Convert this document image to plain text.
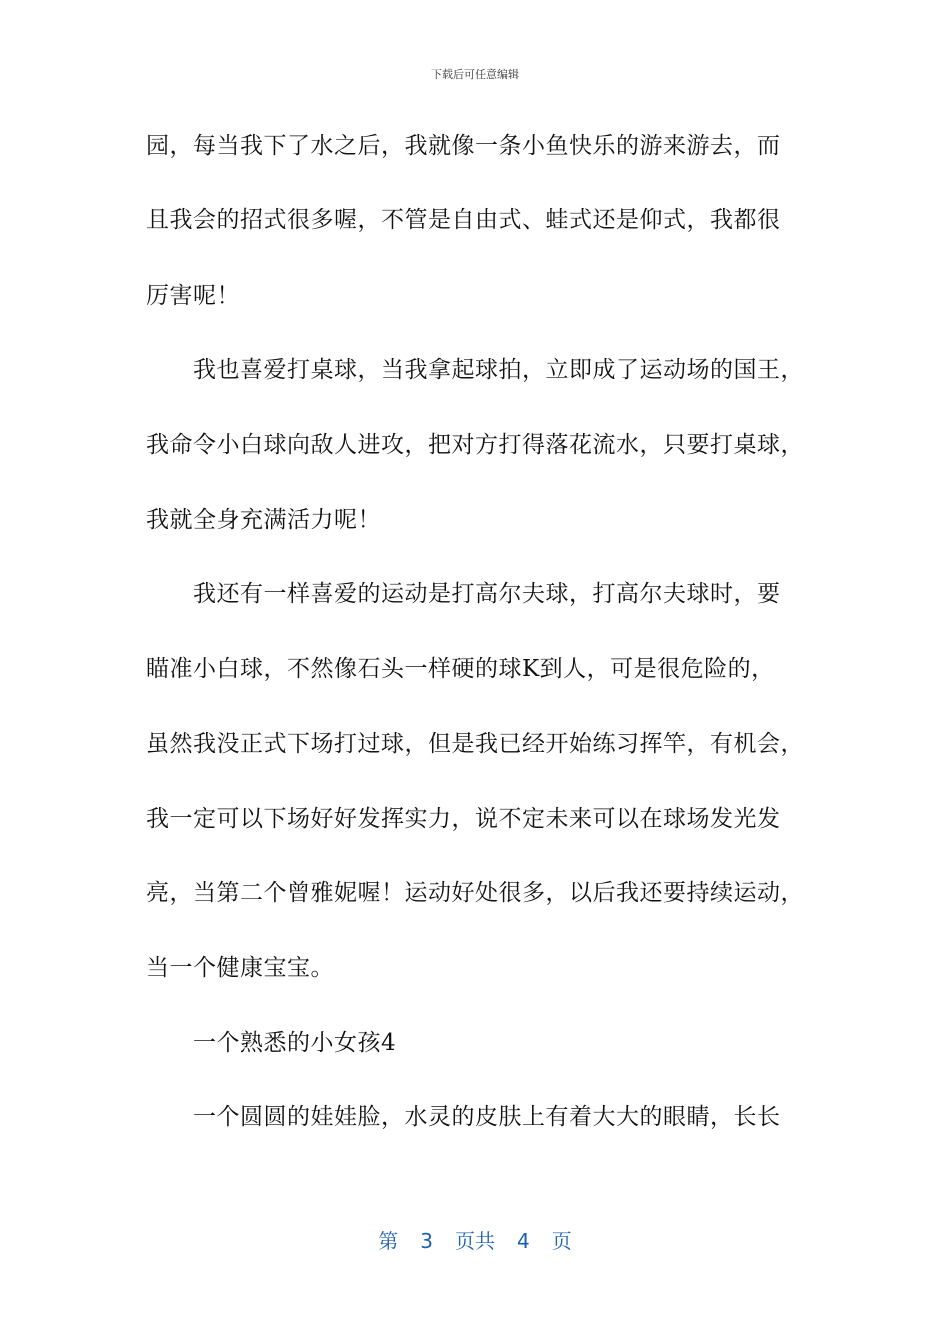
下载后可任意编辑
园，每当我下了水之后，我就像一条小鱼快乐的游来游去，而
且我会的招式很多喔，不管是自由式、蛙式还是仰式，我都很
厉害呢！
我也喜爱打桌球，当我拿起球拍，立即成了运动场的国王，
我命令小白球向敌人进攻，把对方打得落花流水，只要打桌球，
我就全身充满活力呢！
我还有一样喜爱的运动是打高尔夫球，打高尔夫球时，要
瞄准小白球，不然像石头一样硬的球K到人，可是很危险的，
虽然我没正式下场打过球，但是我已经开始练习挥竿，有机会，
我一定可以下场好好发挥实力，说不定未来可以在球场发光发
亮，当第二个曾雅妮喔！运动好处很多，以后我还要持续运动，
当一个健康宝宝。
一个熟悉的小女孩4
一个圆圆的娃娃脸，水灵的皮肤上有着大大的眼睛，长长
第 3 页共 4 页
